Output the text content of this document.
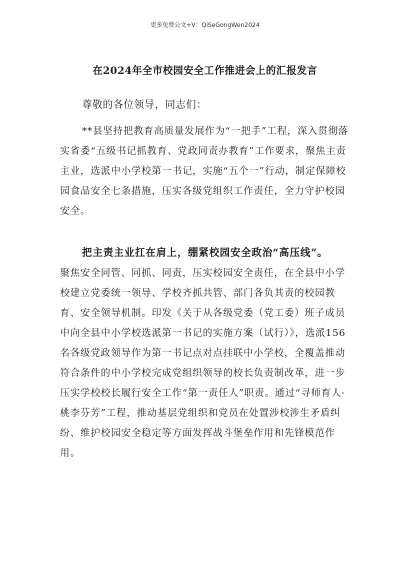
更多免费公文+V：QiSeGongWen2024
在2024年全市校园安全工作推进会上的汇报发言
尊敬的各位领导，同志们：
**县坚持把教育高质量发展作为“一把手”工程，深入贯彻落实省委“五级书记抓教育、党政同责办教育”工作要求，聚焦主责主业，选派中小学校第一书记，实施“五个一”行动，制定保障校园食品安全七条措施，压实各级党组织工作责任，全力守护校园安全。
把主责主业扛在肩上，绷紧校园安全政治“高压线”。
聚焦安全同管、同抓、同责，压实校园安全责任，在全县中小学校建立党委统一领导、学校齐抓共管、部门各负其责的校园教育、安全领导机制。印发《关于从各级党委（党工委）班子成员中向全县中小学校选派第一书记的实施方案（试行）》，选派156名各级党政领导作为第一书记点对点挂联中小学校，全覆盖推动符合条件的中小学校完成党组织领导的校长负责制改革，进一步压实学校校长履行安全工作“第一责任人”职责。通过“寻师育人·桃李芬芳”工程，推动基层党组织和党员在处置涉校涉生矛盾纠纷、维护校园安全稳定等方面发挥战斗堡垒作用和先锋模范作用。
